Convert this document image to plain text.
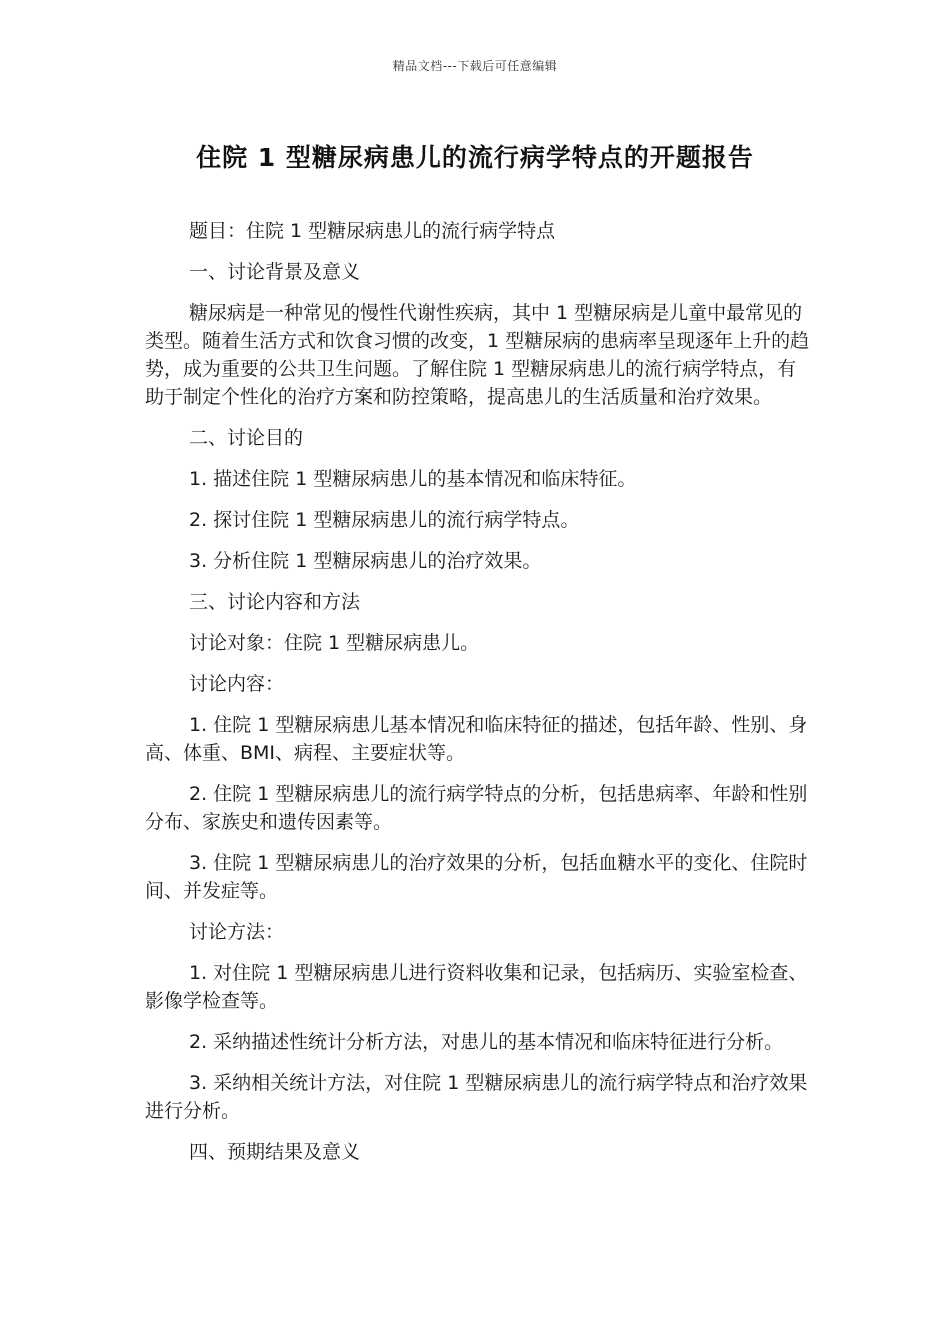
精品文档---下载后可任意编辑
住院 1 型糖尿病患儿的流行病学特点的开题报告

题目：住院 1 型糖尿病患儿的流行病学特点

一、讨论背景及意义

糖尿病是一种常见的慢性代谢性疾病，其中 1 型糖尿病是儿童中最常见的类型。随着生活方式和饮食习惯的改变，1 型糖尿病的患病率呈现逐年上升的趋势，成为重要的公共卫生问题。了解住院 1 型糖尿病患儿的流行病学特点，有助于制定个性化的治疗方案和防控策略，提高患儿的生活质量和治疗效果。

二、讨论目的

1. 描述住院 1 型糖尿病患儿的基本情况和临床特征。

2. 探讨住院 1 型糖尿病患儿的流行病学特点。

3. 分析住院 1 型糖尿病患儿的治疗效果。

三、讨论内容和方法

讨论对象：住院 1 型糖尿病患儿。

讨论内容：

1. 住院 1 型糖尿病患儿基本情况和临床特征的描述，包括年龄、性别、身高、体重、BMI、病程、主要症状等。

2. 住院 1 型糖尿病患儿的流行病学特点的分析，包括患病率、年龄和性别分布、家族史和遗传因素等。

3. 住院 1 型糖尿病患儿的治疗效果的分析，包括血糖水平的变化、住院时间、并发症等。

讨论方法：

1. 对住院 1 型糖尿病患儿进行资料收集和记录，包括病历、实验室检查、影像学检查等。

2. 采纳描述性统计分析方法，对患儿的基本情况和临床特征进行分析。

3. 采纳相关统计方法，对住院 1 型糖尿病患儿的流行病学特点和治疗效果进行分析。

四、预期结果及意义
